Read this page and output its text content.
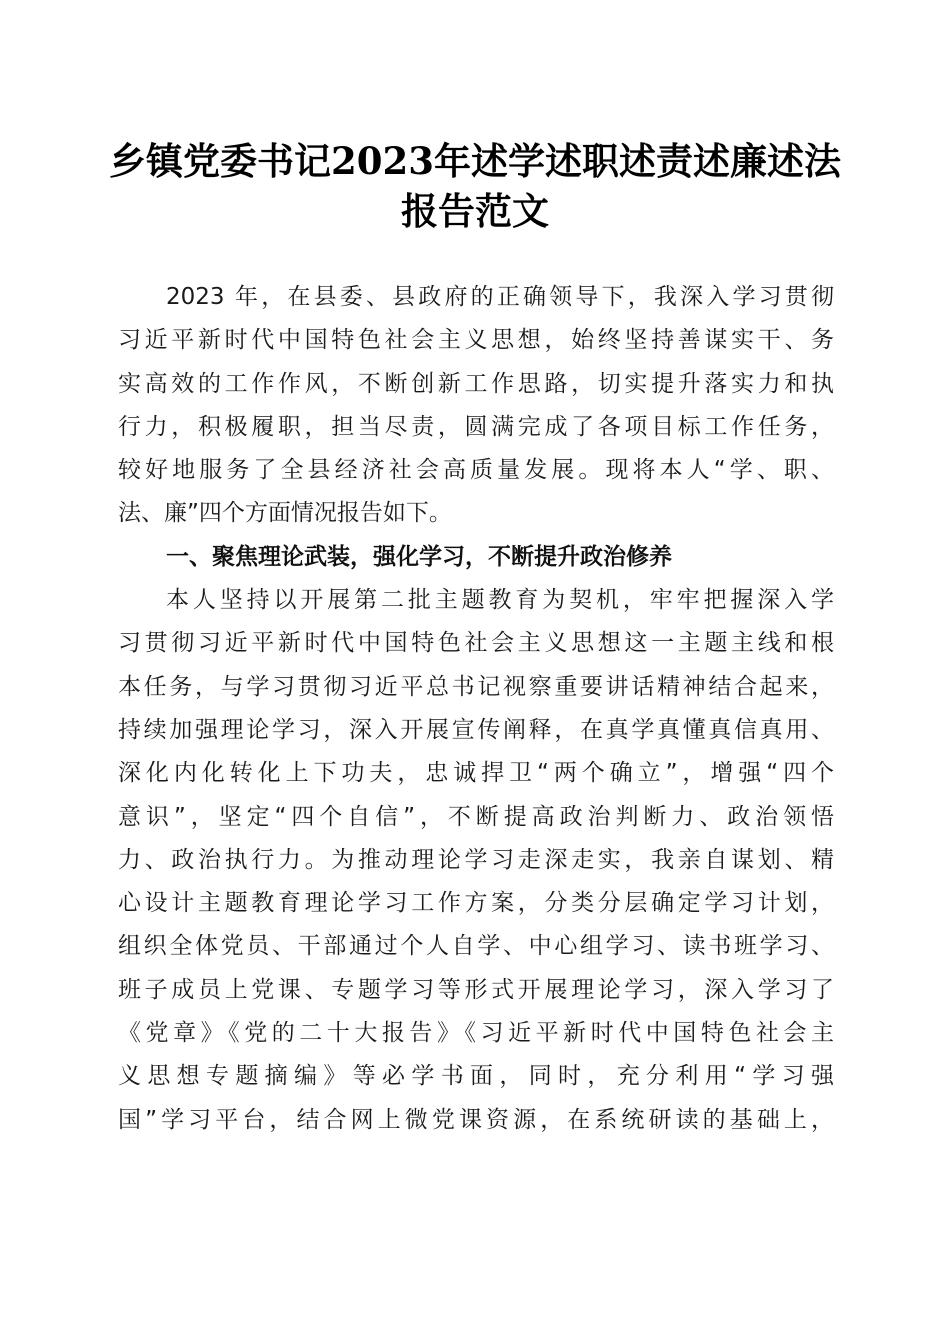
乡镇党委书记2023年述学述职述责述廉述法
报告范文
2023 年，在县委、县政府的正确领导下，我深入学习贯彻
习近平新时代中国特色社会主义思想，始终坚持善谋实干、务
实高效的工作作风，不断创新工作思路，切实提升落实力和执
行力，积极履职，担当尽责，圆满完成了各项目标工作任务，
较好地服务了全县经济社会高质量发展。现将本人“学、职、
法、廉”四个方面情况报告如下。
一、聚焦理论武装，强化学习，不断提升政治修养
本人坚持以开展第二批主题教育为契机，牢牢把握深入学
习贯彻习近平新时代中国特色社会主义思想这一主题主线和根
本任务，与学习贯彻习近平总书记视察重要讲话精神结合起来，
持续加强理论学习，深入开展宣传阐释，在真学真懂真信真用、
深化内化转化上下功夫，忠诚捍卫“两个确立”，增强“四个
意识”，坚定“四个自信”，不断提高政治判断力、政治领悟
力、政治执行力。为推动理论学习走深走实，我亲自谋划、精
心设计主题教育理论学习工作方案，分类分层确定学习计划，
组织全体党员、干部通过个人自学、中心组学习、读书班学习、
班子成员上党课、专题学习等形式开展理论学习，深入学习了
《党章》《党的二十大报告》《习近平新时代中国特色社会主
义思想专题摘编》等必学书面，同时，充分利用“学习强
国”学习平台，结合网上微党课资源，在系统研读的基础上，
